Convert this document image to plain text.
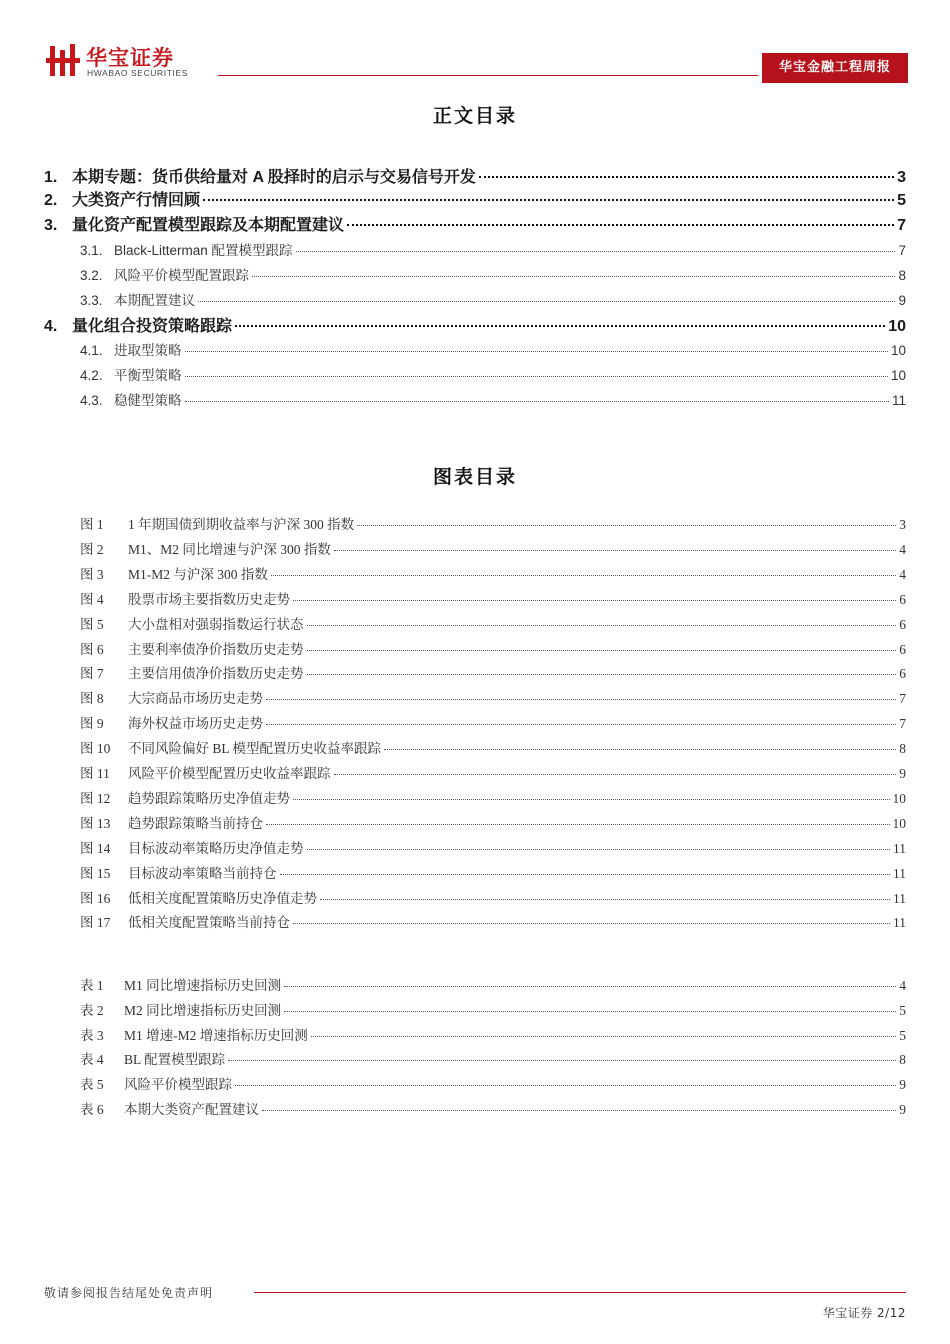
华宝证券
HWABAO SECURITIES	华宝金融工程周报
正文目录
1. 本期专题：货币供给量对 A 股择时的启示与交易信号开发	3
2. 大类资产行情回顾	5
3. 量化资产配置模型跟踪及本期配置建议	7
3.1. Black-Litterman 配置模型跟踪	7
3.2. 风险平价模型配置跟踪	8
3.3. 本期配置建议	9
4. 量化组合投资策略跟踪	10
4.1. 进取型策略	10
4.2. 平衡型策略	10
4.3. 稳健型策略	11
图表目录
图 1	1 年期国债到期收益率与沪深 300 指数	3
图 2	M1、M2 同比增速与沪深 300 指数	4
图 3	M1-M2 与沪深 300 指数	4
图 4	股票市场主要指数历史走势	6
图 5	大小盘相对强弱指数运行状态	6
图 6	主要利率债净价指数历史走势	6
图 7	主要信用债净价指数历史走势	6
图 8	大宗商品市场历史走势	7
图 9	海外权益市场历史走势	7
图 10	不同风险偏好 BL 模型配置历史收益率跟踪	8
图 11	风险平价模型配置历史收益率跟踪	9
图 12	趋势跟踪策略历史净值走势	10
图 13	趋势跟踪策略当前持仓	10
图 14	目标波动率策略历史净值走势	11
图 15	目标波动率策略当前持仓	11
图 16	低相关度配置策略历史净值走势	11
图 17	低相关度配置策略当前持仓	11
表 1	M1 同比增速指标历史回测	4
表 2	M2 同比增速指标历史回测	5
表 3	M1 增速-M2 增速指标历史回测	5
表 4	BL 配置模型跟踪	8
表 5	风险平价模型跟踪	9
表 6	本期大类资产配置建议	9
敬请参阅报告结尾处免责声明
华宝证券 2/12
